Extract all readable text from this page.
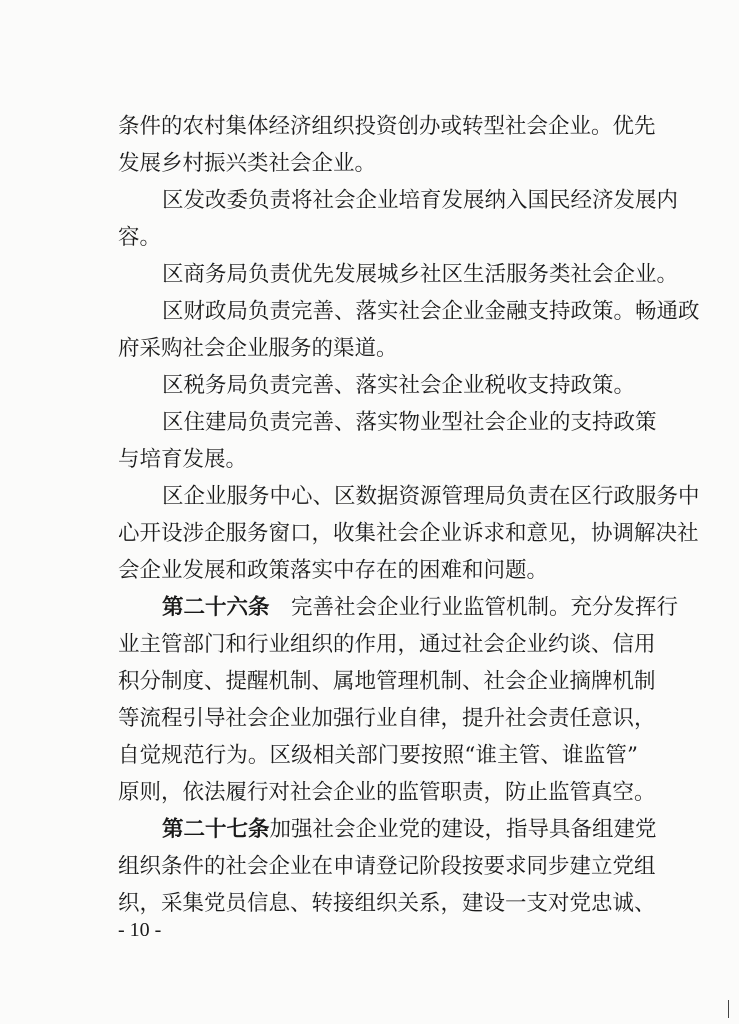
条件的农村集体经济组织投资创办或转型社会企业。优先
发展乡村振兴类社会企业。
区发改委负责将社会企业培育发展纳入国民经济发展内
容。
区商务局负责优先发展城乡社区生活服务类社会企业。
区财政局负责完善、落实社会企业金融支持政策。畅通政
府采购社会企业服务的渠道。
区税务局负责完善、落实社会企业税收支持政策。
区住建局负责完善、落实物业型社会企业的支持政策
与培育发展。
区企业服务中心、区数据资源管理局负责在区行政服务中
心开设涉企服务窗口，收集社会企业诉求和意见，协调解决社
会企业发展和政策落实中存在的困难和问题。
第二十六条　 完善社会企业行业监管机制。充分发挥行
业主管部门和行业组织的作用，通过社会企业约谈、信用
积分制度、提醒机制、属地管理机制、社会企业摘牌机制
等流程引导社会企业加强行业自律，提升社会责任意识，
自觉规范行为。区级相关部门要按照“谁主管、谁监管”
原则，依法履行对社会企业的监管职责，防止监管真空。
第二十七条加强社会企业党的建设，指导具备组建党
组织条件的社会企业在申请登记阶段按要求同步建立党组
织，采集党员信息、转接组织关系，建设一支对党忠诚、
- 10 -
